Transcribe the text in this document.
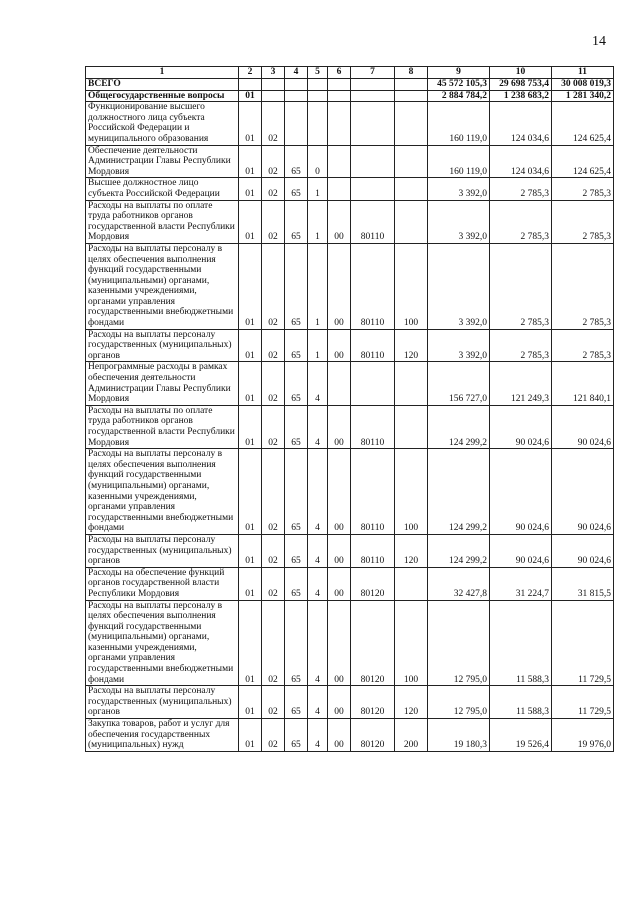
14
1	2	3	4	5	6	7	8	9	10	11
ВСЕГО								45 572 105,3	29 698 753,4	30 008 019,3
Общегосударственные вопросы	01							2 884 784,2	1 238 683,2	1 281 340,2
Функционирование высшего должностного лица субъекта Российской Федерации и муниципального образования	01	02						160 119,0	124 034,6	124 625,4
Обеспечение деятельности Администрации Главы Республики Мордовия	01	02	65	0				160 119,0	124 034,6	124 625,4
Высшее должностное лицо субъекта Российской Федерации	01	02	65	1				3 392,0	2 785,3	2 785,3
Расходы на выплаты по оплате труда работников органов государственной власти Республики Мордовия	01	02	65	1	00	80110		3 392,0	2 785,3	2 785,3
Расходы на выплаты персоналу в целях обеспечения выполнения функций государственными (муниципальными) органами, казенными учреждениями, органами управления государственными внебюджетными фондами	01	02	65	1	00	80110	100	3 392,0	2 785,3	2 785,3
Расходы на выплаты персоналу государственных (муниципальных) органов	01	02	65	1	00	80110	120	3 392,0	2 785,3	2 785,3
Непрограммные расходы в рамках обеспечения деятельности Администрации Главы Республики Мордовия	01	02	65	4				156 727,0	121 249,3	121 840,1
Расходы на выплаты по оплате труда работников органов государственной власти Республики Мордовия	01	02	65	4	00	80110		124 299,2	90 024,6	90 024,6
Расходы на выплаты персоналу в целях обеспечения выполнения функций государственными (муниципальными) органами, казенными учреждениями, органами управления государственными внебюджетными фондами	01	02	65	4	00	80110	100	124 299,2	90 024,6	90 024,6
Расходы на выплаты персоналу государственных (муниципальных) органов	01	02	65	4	00	80110	120	124 299,2	90 024,6	90 024,6
Расходы на обеспечение функций органов государственной власти Республики Мордовия	01	02	65	4	00	80120		32 427,8	31 224,7	31 815,5
Расходы на выплаты персоналу в целях обеспечения выполнения функций государственными (муниципальными) органами, казенными учреждениями, органами управления государственными внебюджетными фондами	01	02	65	4	00	80120	100	12 795,0	11 588,3	11 729,5
Расходы на выплаты персоналу государственных (муниципальных) органов	01	02	65	4	00	80120	120	12 795,0	11 588,3	11 729,5
Закупка товаров, работ и услуг для обеспечения государственных (муниципальных) нужд	01	02	65	4	00	80120	200	19 180,3	19 526,4	19 976,0
